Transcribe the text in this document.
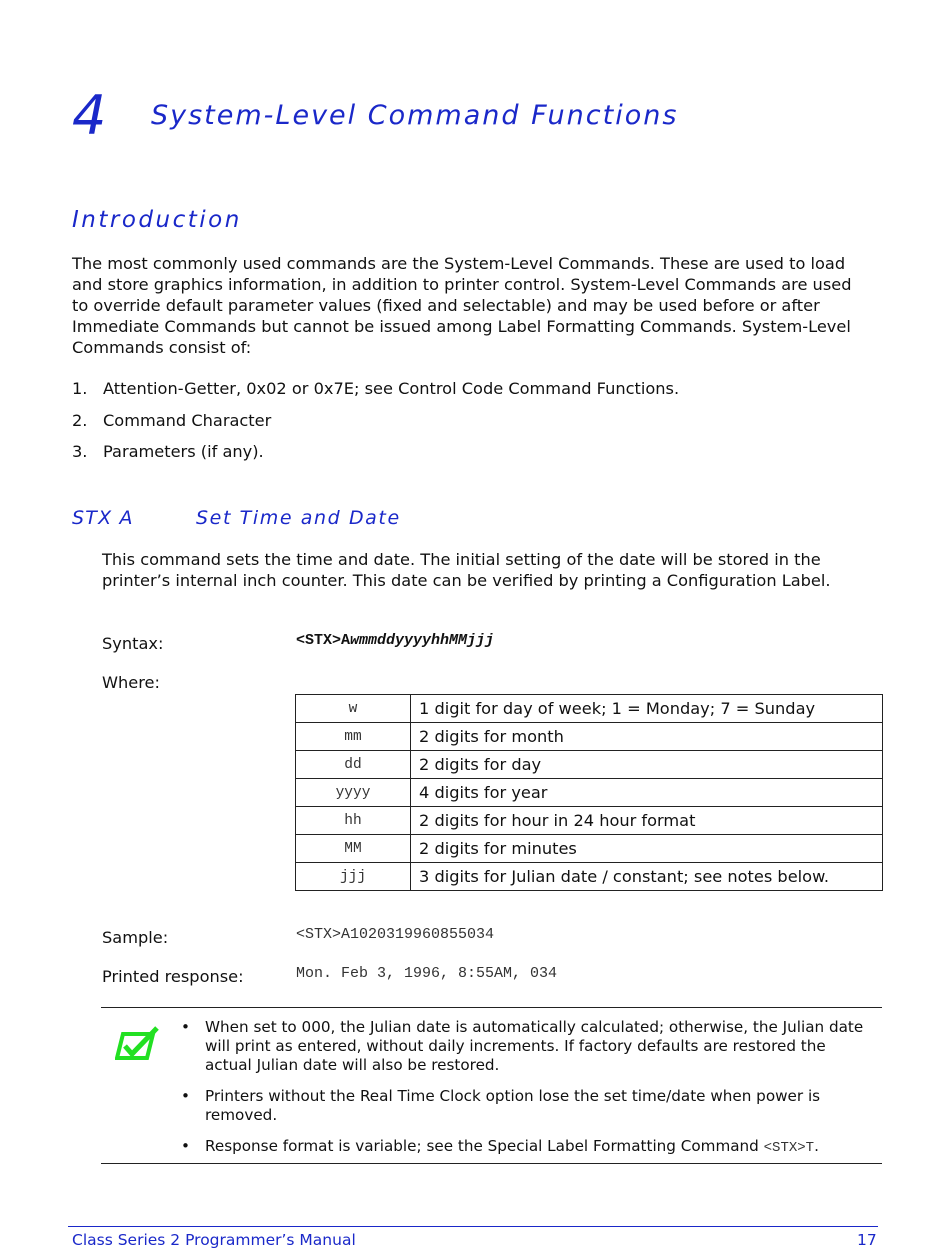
4 System-Level Command Functions
Introduction
The most commonly used commands are the System-Level Commands. These are used to load and store graphics information, in addition to printer control. System-Level Commands are used to override default parameter values (fixed and selectable) and may be used before or after Immediate Commands but cannot be issued among Label Formatting Commands. System-Level Commands consist of:
1. Attention-Getter, 0x02 or 0x7E; see Control Code Command Functions.
2. Command Character
3. Parameters (if any).
STX A	Set Time and Date
This command sets the time and date. The initial setting of the date will be stored in the printer’s internal inch counter. This date can be verified by printing a Configuration Label.
Syntax:	<STX>AwmmddyyyyhhMMjjj
Where:
w	1 digit for day of week; 1 = Monday; 7 = Sunday
mm	2 digits for month
dd	2 digits for day
yyyy	4 digits for year
hh	2 digits for hour in 24 hour format
MM	2 digits for minutes
jjj	3 digits for Julian date / constant; see notes below.
Sample:	<STX>A1020319960855034
Printed response:	Mon. Feb 3, 1996, 8:55AM, 034
• When set to 000, the Julian date is automatically calculated; otherwise, the Julian date will print as entered, without daily increments. If factory defaults are restored the actual Julian date will also be restored.
• Printers without the Real Time Clock option lose the set time/date when power is removed.
• Response format is variable; see the Special Label Formatting Command <STX>T.
Class Series 2 Programmer’s Manual	17
